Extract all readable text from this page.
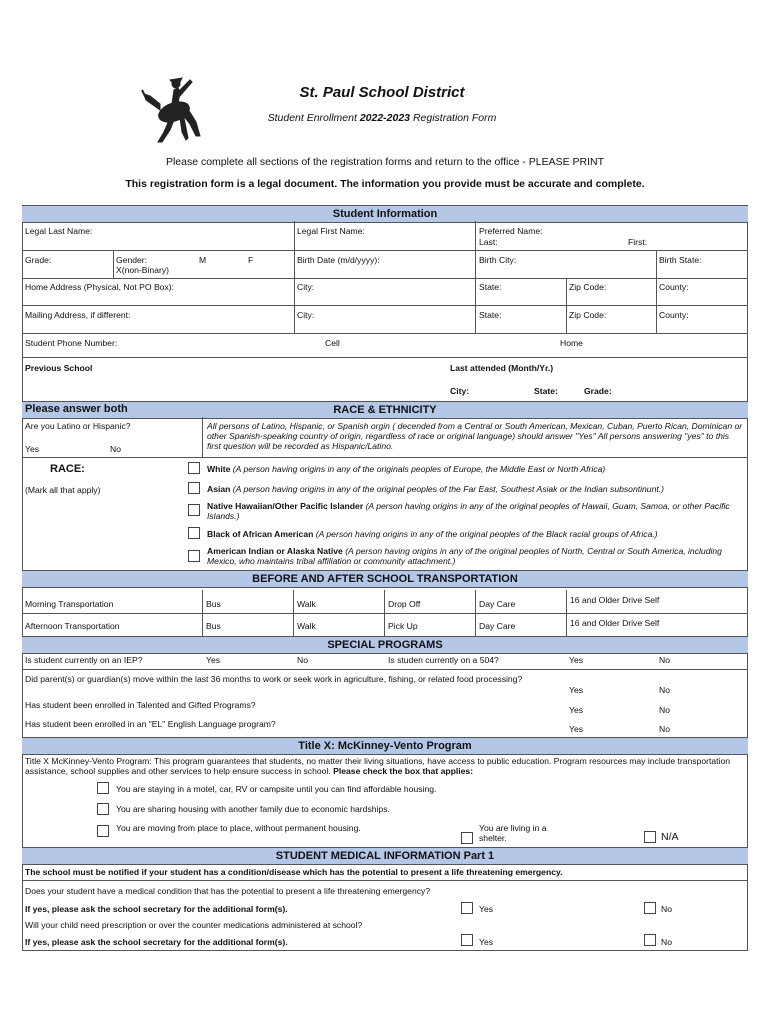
St. Paul School District
Student Enrollment 2022-2023 Registration Form
Please complete all sections of the registration forms and return to the office - PLEASE PRINT
This registration form is a legal document. The information you provide must be accurate and complete.
Student Information
Legal Last Name:	Legal First Name:	Preferred Name:
Last:	First:
Grade:	Gender:	M	F
X(non-Binary)
Birth Date (m/d/yyyy):	Birth City:	Birth State:
Home Address (Physical, Not PO Box):	City:	State:	Zip Code:	County:
Mailing Address, if different:	City:	State:	Zip Code:	County:
Student Phone Number:	Cell	Home
Previous School	Last attended (Month/Yr.)
City:	State:	Grade:
RACE & ETHNICITY
Please answer both
Are you Latino or Hispanic?
Yes	No
All persons of Latino, Hispanic, or Spanish orgin ( decended from a Central or South American, Mexican, Cuban, Puerto Rican, Dominican or other Spanish-speaking country of origin, regardless of race or original language) should answer "Yes" All persons answering "yes" to this first question will be recorded as Hispanic/Latino.
RACE:
(Mark all that apply)
White (A person having origins in any of the originals peoples of Europe, the Middle East or North Africa)
Asian (A person having origins in any of the original peoples of the Far East, Southest Asiak or the Indian subsontinunt.)
Native Hawaiian/Other Pacific Islander (A person having origins in any of the original peoples of Hawaii, Guam, Samoa, or other Pacific Islands.)
Black of African American (A person having origins in any of the original peoples of the Black racial groups of Africa.)
American Indian or Alaska Native (A person having origins in any of the original peoples of North, Central or South America, including Mexico, who maintains tribal affiliation or community attachment.)
BEFORE AND AFTER SCHOOL TRANSPORTATION
Morning Transportation	Bus	Walk	Drop Off	Day Care	16 and Older Drive Self
Afternoon Transportation	Bus	Walk	Pick Up	Day Care	16 and Older Drive Self
SPECIAL PROGRAMS
Is student currently on an IEP?	Yes	No	Is studen currently on a 504?	Yes	No
Did parent(s) or guardian(s) move within the last 36 months to work or seek work in agriculture, fishing, or related food processing?
Yes	No
Has student been enrolled in Talented and Gifted Programs?	Yes	No
Has student been enrolled in an "EL" English Language program?	Yes	No
Title X: McKinney-Vento Program
Title X McKinney-Vento Program: This program guarantees that students, no matter their living situations, have access to public education. Program resources may include transportation assistance, school supplies and other services to help ensure success in school. Please check the box that applies:
You are staying in a motel, car, RV or campsite until you can find affordable housing.
You are sharing housing with another family due to economic hardships.
You are moving from place to place, without permanent housing.	You are living in a shelter.	N/A
STUDENT MEDICAL INFORMATION Part 1
The school must be notified if your student has a condition/disease which has the potential to present a life threatening emergency.
Does your student have a medical condition that has the potential to present a life threatening emergency?
If yes, please ask the school secretary for the additional form(s).	Yes	No
Will your child need prescription or over the counter medications administered at school?
If yes, please ask the school secretary for the additional form(s).	Yes	No
